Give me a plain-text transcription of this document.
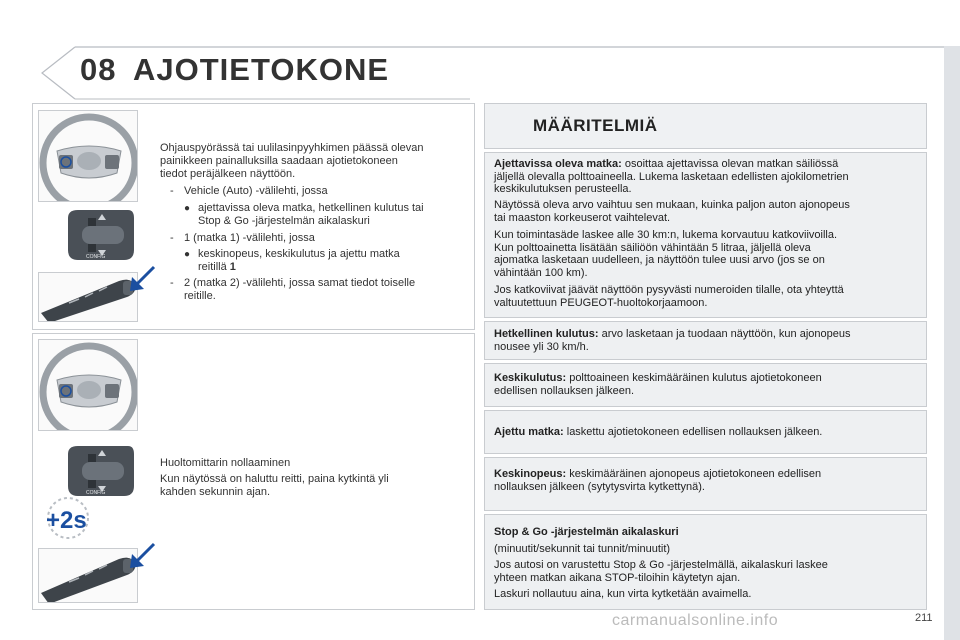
08 AJOTIETOKONE
CONFIG
CONFIG
+2s
Ohjauspyörässä tai uulilasinpyyhkimen päässä olevan
painikkeen painalluksilla saadaan ajotietokoneen
tiedot peräjälkeen näyttöön.
- Vehicle (Auto) -välilehti, jossa
● ajettavissa oleva matka, hetkellinen kulutus tai
Stop & Go -järjestelmän aikalaskuri
- 1 (matka 1) -välilehti, jossa
● keskinopeus, keskikulutus ja ajettu matka
reitillä 1
- 2 (matka 2) -välilehti, jossa samat tiedot toiselle
reitille.
Huoltomittarin nollaaminen
Kun näytössä on haluttu reitti, paina kytkintä yli
kahden sekunnin ajan.
MÄÄRITELMIÄ
Ajettavissa oleva matka: osoittaa ajettavissa olevan matkan säiliössä
jäljellä olevalla polttoaineella. Lukema lasketaan edellisten ajokilometrien
keskikulutuksen perusteella.
Näytössä oleva arvo vaihtuu sen mukaan, kuinka paljon auton ajonopeus
tai maaston korkeuserot vaihtelevat.
Kun toimintasäde laskee alle 30 km:n, lukema korvautuu katkoviivoilla.
Kun polttoainetta lisätään säiliöön vähintään 5 litraa, jäljellä oleva
ajomatka lasketaan uudelleen, ja näyttöön tulee uusi arvo (jos se on
vähintään 100 km).
Jos katkoviivat jäävät näyttöön pysyvästi numeroiden tilalle, ota yhteyttä
valtuutettuun PEUGEOT-huoltokorjaamoon.
Hetkellinen kulutus: arvo lasketaan ja tuodaan näyttöön, kun ajonopeus
nousee yli 30 km/h.
Keskikulutus: polttoaineen keskimääräinen kulutus ajotietokoneen
edellisen nollauksen jälkeen.
Ajettu matka: laskettu ajotietokoneen edellisen nollauksen jälkeen.
Keskinopeus: keskimääräinen ajonopeus ajotietokoneen edellisen
nollauksen jälkeen (sytytysvirta kytkettynä).
Stop & Go -järjestelmän aikalaskuri
(minuutit/sekunnit tai tunnit/minuutit)
Jos autosi on varustettu Stop & Go -järjestelmällä, aikalaskuri laskee
yhteen matkan aikana STOP-tiloihin käytetyn ajan.
Laskuri nollautuu aina, kun virta kytketään avaimella.
carmanualsonline.info	211
